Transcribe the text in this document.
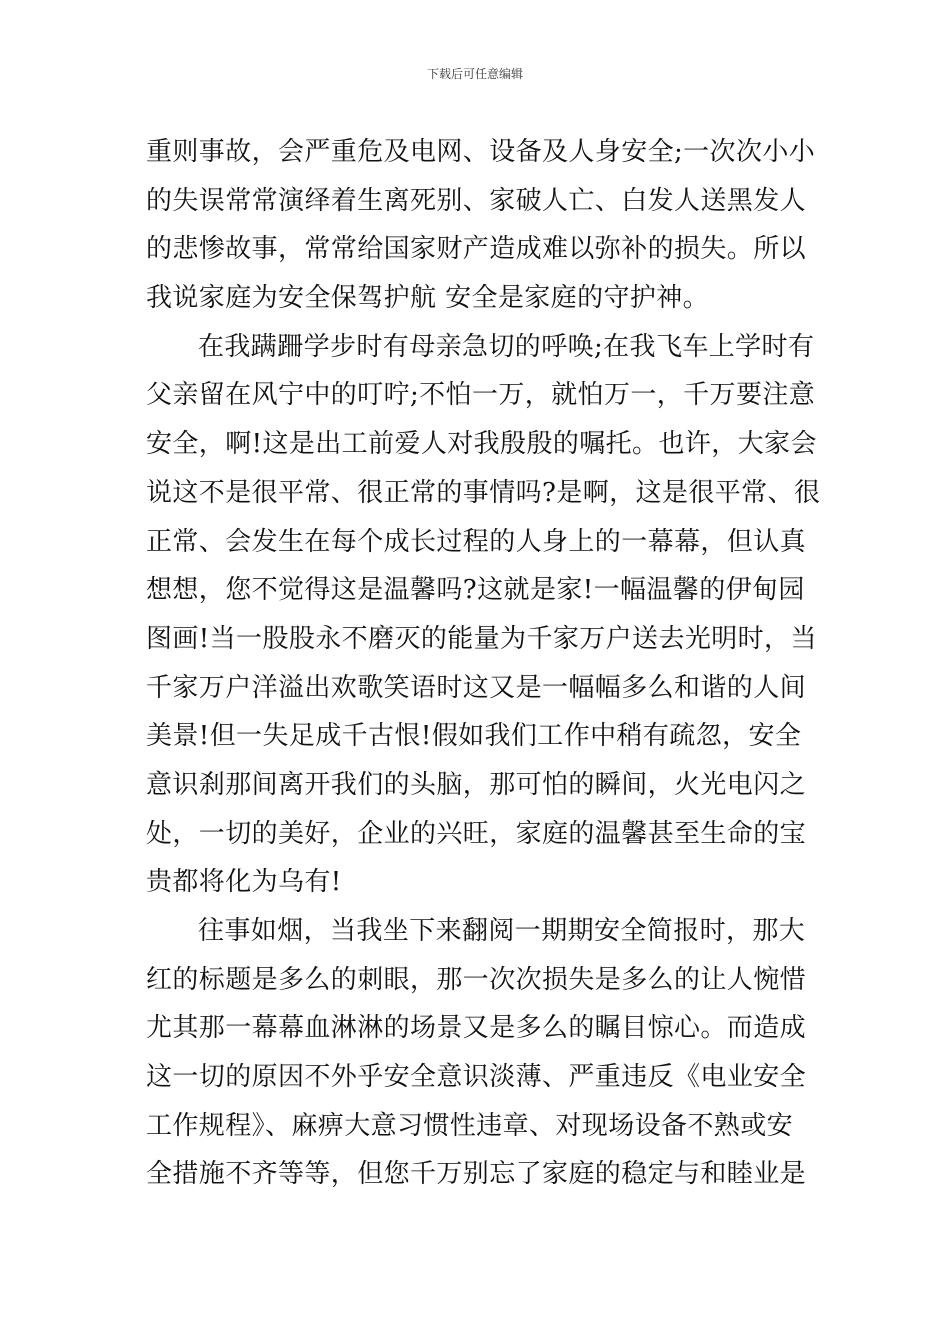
下载后可任意编辑
重则事故，会严重危及电网、设备及人身安全;一次次小小
的失误常常演绎着生离死别、家破人亡、白发人送黑发人
的悲惨故事，常常给国家财产造成难以弥补的损失。所以
我说家庭为安全保驾护航 安全是家庭的守护神。
在我蹒跚学步时有母亲急切的呼唤;在我飞车上学时有
父亲留在风宁中的叮咛;不怕一万，就怕万一，千万要注意
安全，啊!这是出工前爱人对我殷殷的嘱托。也许，大家会
说这不是很平常、很正常的事情吗?是啊，这是很平常、很
正常、会发生在每个成长过程的人身上的一幕幕，但认真
想想，您不觉得这是温馨吗?这就是家!一幅温馨的伊甸园
图画!当一股股永不磨灭的能量为千家万户送去光明时，当
千家万户洋溢出欢歌笑语时这又是一幅幅多么和谐的人间
美景!但一失足成千古恨!假如我们工作中稍有疏忽，安全
意识刹那间离开我们的头脑，那可怕的瞬间，火光电闪之
处，一切的美好，企业的兴旺，家庭的温馨甚至生命的宝
贵都将化为乌有!
往事如烟，当我坐下来翻阅一期期安全简报时，那大
红的标题是多么的刺眼，那一次次损失是多么的让人惋惜
尤其那一幕幕血淋淋的场景又是多么的瞩目惊心。而造成
这一切的原因不外乎安全意识淡薄、严重违反《电业安全
工作规程》、麻痹大意习惯性违章、对现场设备不熟或安
全措施不齐等等，但您千万别忘了家庭的稳定与和睦业是
